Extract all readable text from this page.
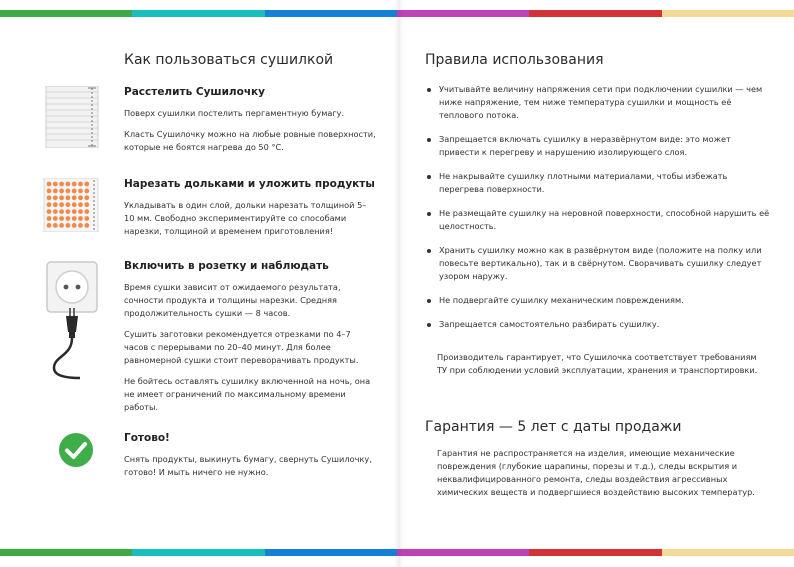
Как пользоваться сушилкой
Расстелить Сушилочку

Поверх сушилки постелить пергаментную бумагу.

Класть Сушилочку можно на любые ровные поверхности, которые не боятся нагрева до 50 °С.

Нарезать дольками и уложить продукты

Укладывать в один слой, дольки нарезать толщиной 5–10 мм. Свободно экспериментируйте со способами нарезки, толщиной и временем приготовления!

Включить в розетку и наблюдать

Время сушки зависит от ожидаемого результата, сочности продукта и толщины нарезки. Средняя продолжительность сушки — 8 часов.

Сушить заготовки рекомендуется отрезками по 4–7 часов с перерывами по 20–40 минут. Для более равномерной сушки стоит переворачивать продукты.

Не бойтесь оставлять сушилку включенной на ночь, она не имеет ограничений по максимальному времени работы.

Готово!

Снять продукты, выкинуть бумагу, свернуть Сушилочку, готово! И мыть ничего не нужно.

Правила использования
Учитывайте величину напряжения сети при подключении сушилки — чем ниже напряжение, тем ниже температура сушилки и мощность её теплового потока.
Запрещается включать сушилку в неразвёрнутом виде: это может привести к перегреву и нарушению изолирующего слоя.
Не накрывайте сушилку плотными материалами, чтобы избежать перегрева поверхности.
Не размещайте сушилку на неровной поверхности, способной нарушить её целостность.
Хранить сушилку можно как в развёрнутом виде (положите на полку или повесьте вертикально), так и в свёрнутом. Сворачивать сушилку следует узором наружу.
Не подвергайте сушилку механическим повреждениям.
Запрещается самостоятельно разбирать сушилку.

Производитель гарантирует, что Сушилочка соответствует требованиям ТУ при соблюдении условий эксплуатации, хранения и транспортировки.

Гарантия — 5 лет с даты продажи

Гарантия не распространяется на изделия, имеющие механические повреждения (глубокие царапины, порезы и т.д.), следы вскрытия и неквалифицированного ремонта, следы воздействия агрессивных химических веществ и подвергшиеся воздействию высоких температур.
